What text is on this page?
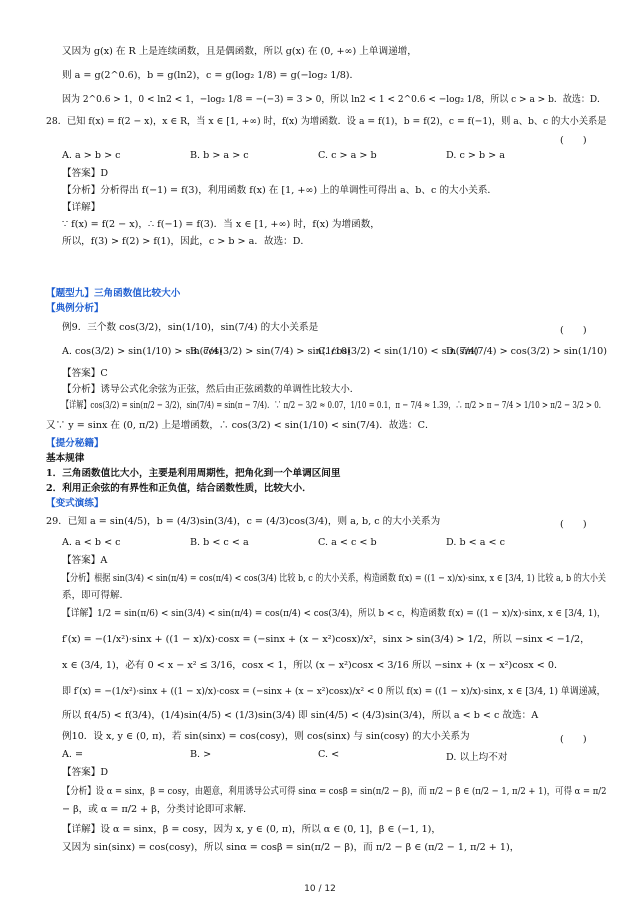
又因为 g(x) 在 R 上是连续函数，且是偶函数，所以 g(x) 在 (0, +∞) 上单调递增，
则 a = g(2^0.6)，b = g(ln2)，c = g(log₂ 1/8) = g(−log₂ 1/8)．
因为 2^0.6 > 1，0 < ln2 < 1，−log₂ 1/8 = −(−3) = 3 > 0，所以 ln2 < 1 < 2^0.6 < −log₂ 1/8，所以 c > a > b．故选：D．
28．已知 f(x) = f(2 − x)，x ∈ R，当 x ∈ [1, +∞) 时，f(x) 为增函数．设 a = f(1)，b = f(2)，c = f(−1)，则 a、b、c 的大小关系是
(　　)
A. a > b > c	B. b > a > c	C. c > a > b	D. c > b > a
【答案】D
【分析】分析得出 f(−1) = f(3)，利用函数 f(x) 在 [1, +∞) 上的单调性可得出 a、b、c 的大小关系．
【详解】
∵ f(x) = f(2 − x)，∴ f(−1) = f(3)．当 x ∈ [1, +∞) 时，f(x) 为增函数，
所以，f(3) > f(2) > f(1)，因此，c > b > a．故选：D．
【题型九】三角函数值比较大小
【典例分析】
例9．三个数 cos(3/2)，sin(1/10)，sin(7/4) 的大小关系是	(　　)
A. cos(3/2) > sin(1/10) > sin(7/4)
B. cos(3/2) > sin(7/4) > sin(1/10)
C. cos(3/2) < sin(1/10) < sin(7/4)
D. sin(7/4) > cos(3/2) > sin(1/10)
【答案】C
【分析】诱导公式化余弦为正弦，然后由正弦函数的单调性比较大小．
【详解】cos(3/2) = sin(π/2 − 3/2)，sin(7/4) = sin(π − 7/4)．∵ π/2 − 3/2 ≈ 0.07，1/10 = 0.1，π − 7/4 ≈ 1.39，∴ π/2 > π − 7/4 > 1/10 > π/2 − 3/2 > 0．
又∵ y = sinx 在 (0, π/2) 上是增函数，∴ cos(3/2) < sin(1/10) < sin(7/4)．故选：C．
【提分秘籍】
基本规律
1．三角函数值比大小，主要是利用周期性，把角化到一个单调区间里
2．利用正余弦的有界性和正负值，结合函数性质，比较大小．
【变式演练】
29．已知 a = sin(4/5)，b = (4/3)sin(3/4)，c = (4/3)cos(3/4)，则 a, b, c 的大小关系为	(　　)
A. a < b < c	B. b < c < a	C. a < c < b	D. b < a < c
【答案】A
【分析】根据 sin(3/4) < sin(π/4) = cos(π/4) < cos(3/4) 比较 b, c 的大小关系，构造函数 f(x) = ((1 − x)/x)·sinx, x ∈ [3/4, 1) 比较 a, b 的大小关
系，即可得解．
【详解】1/2 = sin(π/6) < sin(3/4) < sin(π/4) = cos(π/4) < cos(3/4)，所以 b < c，构造函数 f(x) = ((1 − x)/x)·sinx, x ∈ [3/4, 1)，
f′(x) = −(1/x²)·sinx + ((1 − x)/x)·cosx = (−sinx + (x − x²)cosx)/x²，sinx > sin(3/4) > 1/2，所以 −sinx < −1/2，
x ∈ (3/4, 1)，必有 0 < x − x² ≤ 3/16，cosx < 1，所以 (x − x²)cosx < 3/16 所以 −sinx + (x − x²)cosx < 0．
即 f′(x) = −(1/x²)·sinx + ((1 − x)/x)·cosx = (−sinx + (x − x²)cosx)/x² < 0 所以 f(x) = ((1 − x)/x)·sinx, x ∈ [3/4, 1) 单调递减，
所以 f(4/5) < f(3/4)，(1/4)sin(4/5) < (1/3)sin(3/4) 即 sin(4/5) < (4/3)sin(3/4)，所以 a < b < c 故选：A
例10．设 x, y ∈ (0, π)，若 sin(sinx) = cos(cosy)，则 cos(sinx) 与 sin(cosy) 的大小关系为	(　　)
A. =	B. >	C. <	D. 以上均不对
【答案】D
【分析】设 α = sinx，β = cosy，由题意，利用诱导公式可得 sinα = cosβ = sin(π/2 − β)，而 π/2 − β ∈ (π/2 − 1, π/2 + 1)，可得 α = π/2
− β，或 α = π/2 + β，分类讨论即可求解．
【详解】设 α = sinx，β = cosy，因为 x, y ∈ (0, π)，所以 α ∈ (0, 1]，β ∈ (−1, 1)，
又因为 sin(sinx) = cos(cosy)，所以 sinα = cosβ = sin(π/2 − β)，而 π/2 − β ∈ (π/2 − 1, π/2 + 1)，
10 / 12
